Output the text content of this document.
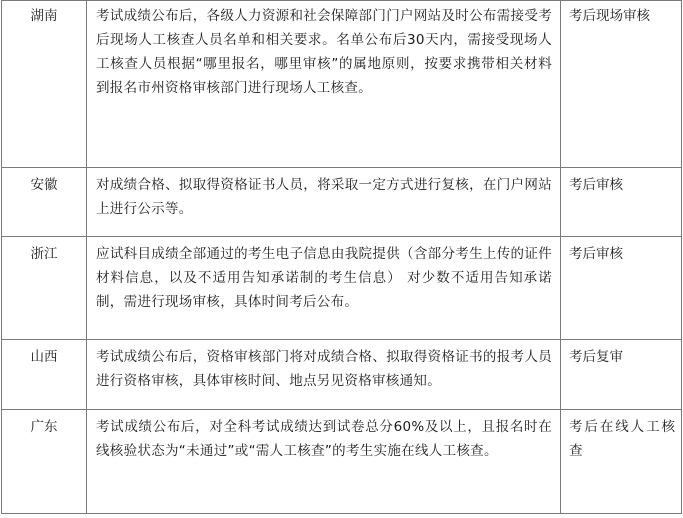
湖南	考试成绩公布后，各级人力资源和社会保障部门门户网站及时公布需接受考后现场人工核查人员名单和相关要求。名单公布后30天内，需接受现场人工核查人员根据“哪里报名，哪里审核”的属地原则，按要求携带相关材料到报名市州资格审核部门进行现场人工核查。	考后现场审核
安徽	对成绩合格、拟取得资格证书人员，将采取一定方式进行复核，在门户网站上进行公示等。	考后审核
浙江	应试科目成绩全部通过的考生电子信息由我院提供（含部分考生上传的证件材料信息，以及不适用告知承诺制的考生信息） 对少数不适用告知承诺制，需进行现场审核，具体时间考后公布。	考后审核
山西	考试成绩公布后，资格审核部门将对成绩合格、拟取得资格证书的报考人员进行资格审核，具体审核时间、地点另见资格审核通知。	考后复审
广东	考试成绩公布后，对全科考试成绩达到试卷总分60%及以上，且报名时在线核验状态为“未通过”或“需人工核查”的考生实施在线人工核查。	考后在线人工核查
